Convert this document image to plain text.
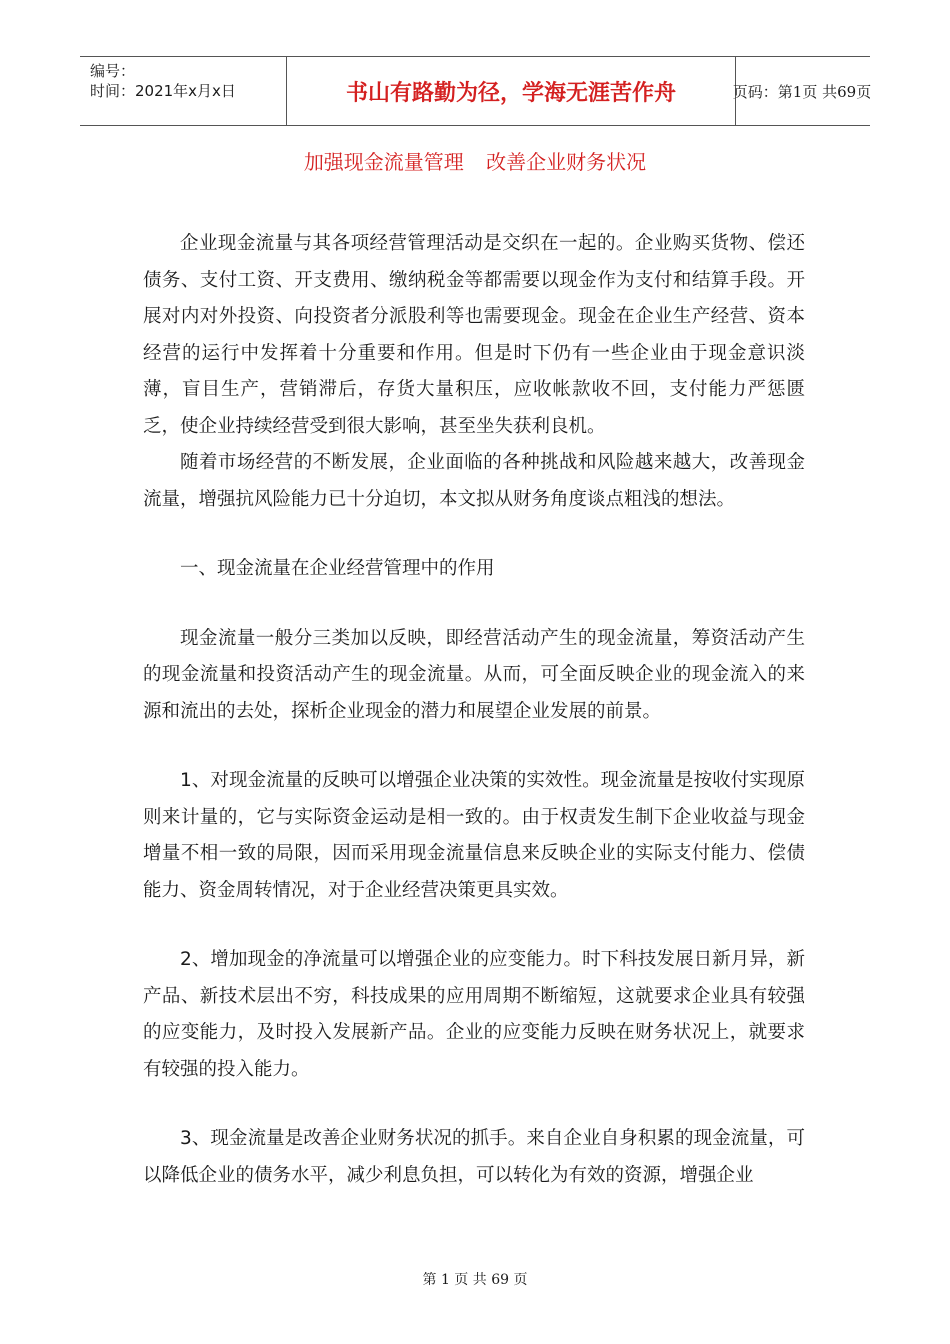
编号：
时间：2021年x月x日	书山有路勤为径，学海无涯苦作舟	页码：第1页 共69页
加强现金流量管理 改善企业财务状况

企业现金流量与其各项经营管理活动是交织在一起的。企业购买货物、偿还债务、支付工资、开支费用、缴纳税金等都需要以现金作为支付和结算手段。开展对内对外投资、向投资者分派股利等也需要现金。现金在企业生产经营、资本经营的运行中发挥着十分重要和作用。但是时下仍有一些企业由于现金意识淡薄，盲目生产，营销滞后，存货大量积压，应收帐款收不回，支付能力严惩匮乏，使企业持续经营受到很大影响，甚至坐失获利良机。

随着市场经营的不断发展，企业面临的各种挑战和风险越来越大，改善现金流量，增强抗风险能力已十分迫切，本文拟从财务角度谈点粗浅的想法。

一、现金流量在企业经营管理中的作用

现金流量一般分三类加以反映，即经营活动产生的现金流量，筹资活动产生的现金流量和投资活动产生的现金流量。从而，可全面反映企业的现金流入的来源和流出的去处，探析企业现金的潜力和展望企业发展的前景。

1、对现金流量的反映可以增强企业决策的实效性。现金流量是按收付实现原则来计量的，它与实际资金运动是相一致的。由于权责发生制下企业收益与现金增量不相一致的局限，因而采用现金流量信息来反映企业的实际支付能力、偿债能力、资金周转情况，对于企业经营决策更具实效。

2、增加现金的净流量可以增强企业的应变能力。时下科技发展日新月异，新产品、新技术层出不穷，科技成果的应用周期不断缩短，这就要求企业具有较强的应变能力，及时投入发展新产品。企业的应变能力反映在财务状况上，就要求有较强的投入能力。

3、现金流量是改善企业财务状况的抓手。来自企业自身积累的现金流量，可以降低企业的债务水平，减少利息负担，可以转化为有效的资源，增强企业

第 1 页 共 69 页
